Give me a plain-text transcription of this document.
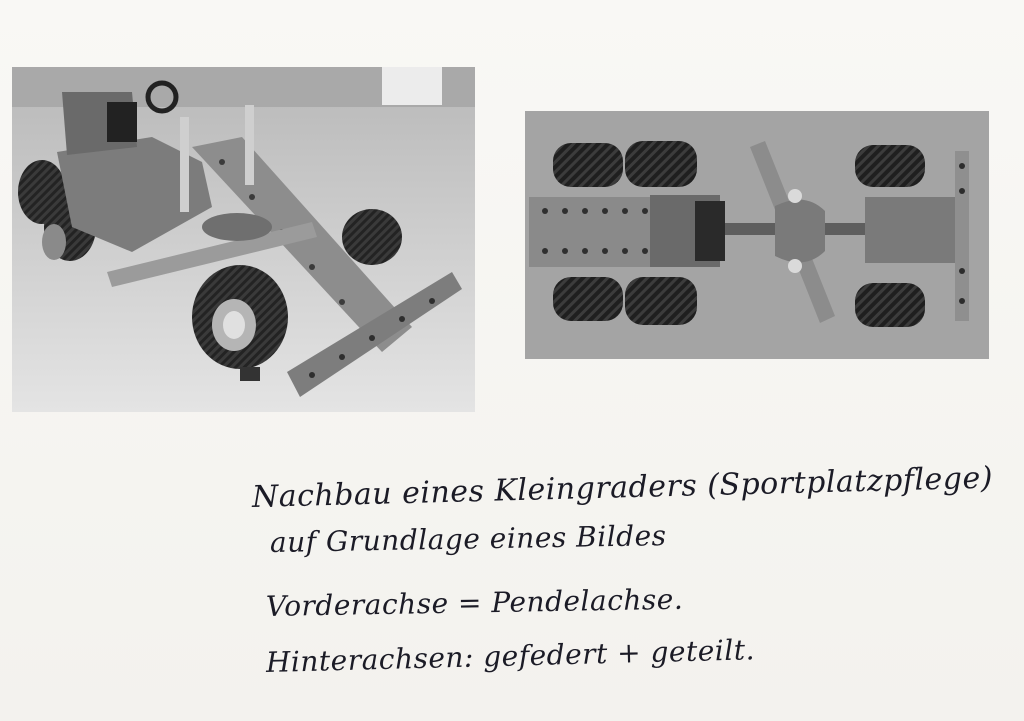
Nachbau eines Kleingraders (Sportplatzpflege)
auf Grundlage eines Bildes
Vorderachse = Pendelachse.
Hinterachsen: gefedert + geteilt.
